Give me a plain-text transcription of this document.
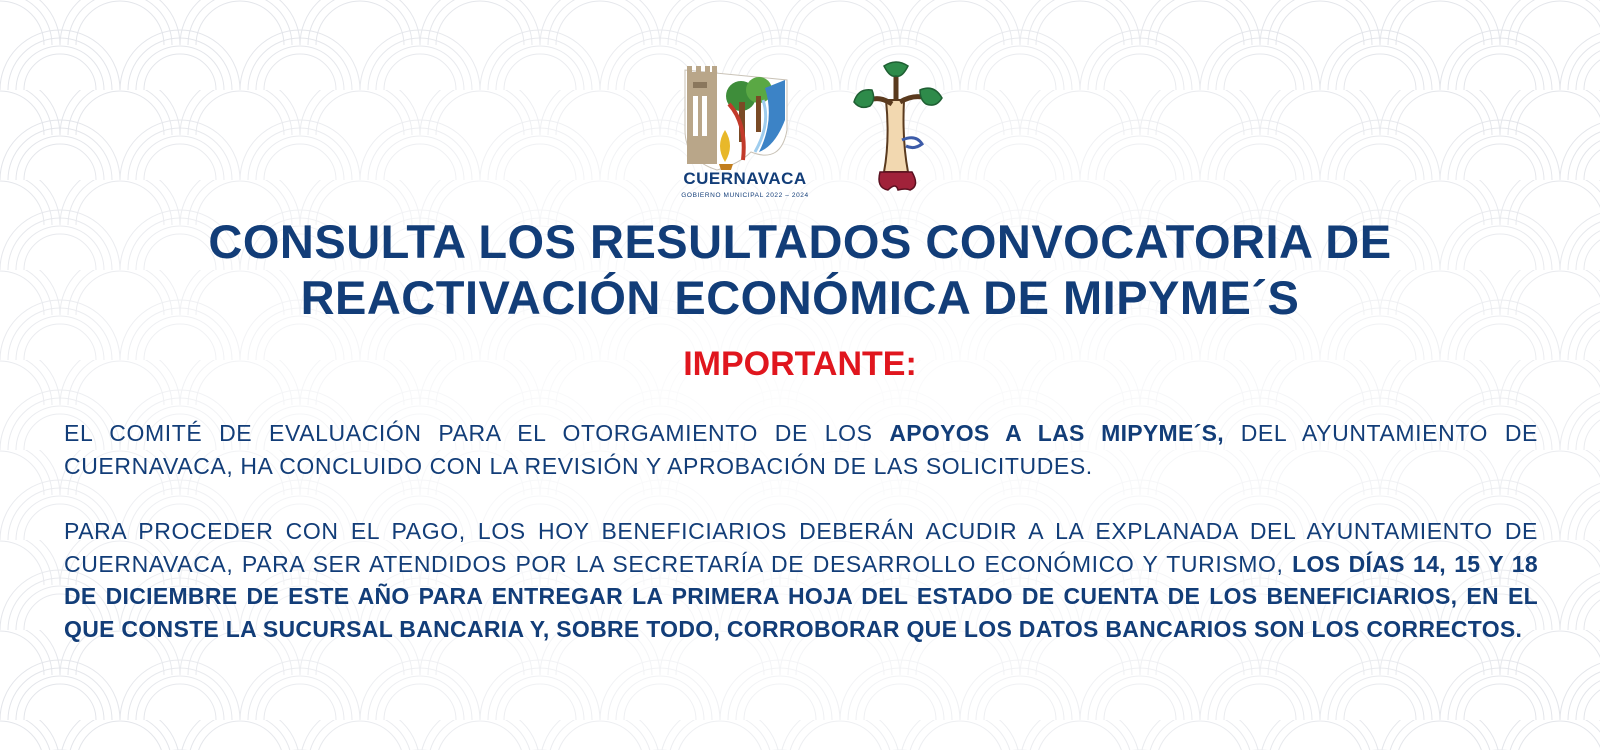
CUERNAVACA
GOBIERNO MUNICIPAL 2022 – 2024
CONSULTA LOS RESULTADOS CONVOCATORIA DE
REACTIVACIÓN ECONÓMICA DE MIPYME´S
IMPORTANTE:

EL COMITÉ DE EVALUACIÓN PARA EL OTORGAMIENTO DE LOS APOYOS A LAS MIPYME´S, DEL AYUNTAMIENTO DE CUERNAVACA, HA CONCLUIDO CON LA REVISIÓN Y APROBACIÓN DE LAS SOLICITUDES.

PARA PROCEDER CON EL PAGO, LOS HOY BENEFICIARIOS DEBERÁN ACUDIR A LA EXPLANADA DEL AYUNTAMIENTO DE CUERNAVACA, PARA SER ATENDIDOS POR LA SECRETARÍA DE DESARROLLO ECONÓMICO Y TURISMO, LOS DÍAS 14, 15 Y 18 DE DICIEMBRE DE ESTE AÑO PARA ENTREGAR LA PRIMERA HOJA DEL ESTADO DE CUENTA DE LOS BENEFICIARIOS, EN EL QUE CONSTE LA SUCURSAL BANCARIA Y, SOBRE TODO, CORROBORAR QUE LOS DATOS BANCARIOS SON LOS CORRECTOS.
